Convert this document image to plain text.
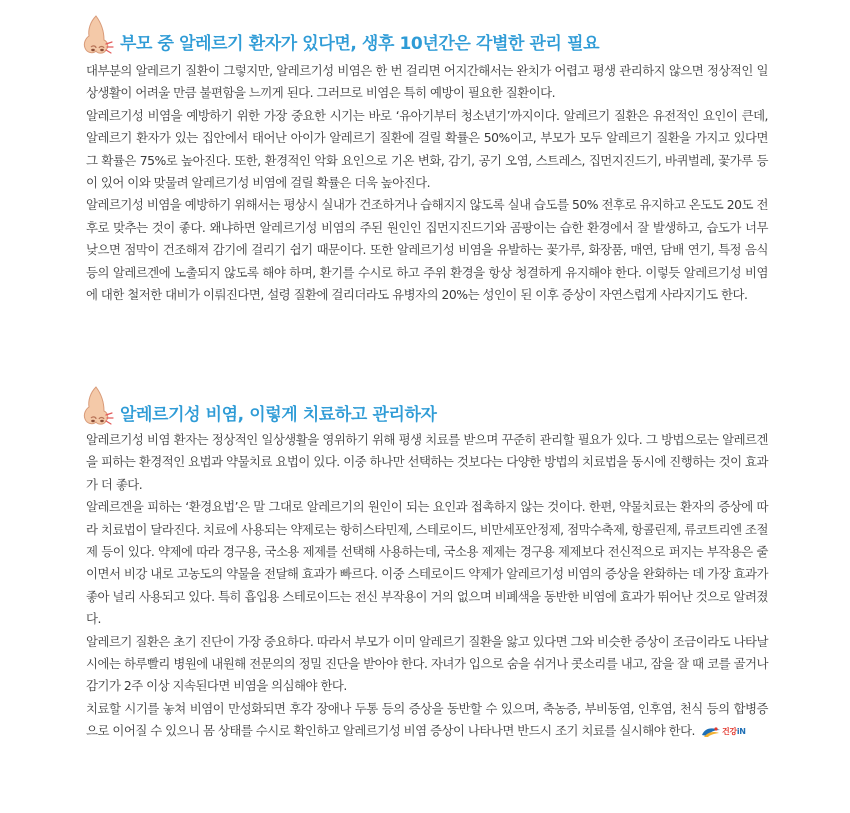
부모 중 알레르기 환자가 있다면, 생후 10년간은 각별한 관리 필요

대부분의 알레르기 질환이 그렇지만, 알레르기성 비염은 한 번 걸리면 어지간해서는 완치가 어렵고 평생 관리하지 않으면 정상적인 일상생활이 어려울 만큼 불편함을 느끼게 된다. 그러므로 비염은 특히 예방이 필요한 질환이다.

알레르기성 비염을 예방하기 위한 가장 중요한 시기는 바로 ‘유아기부터 청소년기’까지이다. 알레르기 질환은 유전적인 요인이 큰데, 알레르기 환자가 있는 집안에서 태어난 아이가 알레르기 질환에 걸릴 확률은 50%이고, 부모가 모두 알레르기 질환을 가지고 있다면 그 확률은 75%로 높아진다. 또한, 환경적인 악화 요인으로 기온 변화, 감기, 공기 오염, 스트레스, 집먼지진드기, 바퀴벌레, 꽃가루 등이 있어 이와 맞물려 알레르기성 비염에 걸릴 확률은 더욱 높아진다.

알레르기성 비염을 예방하기 위해서는 평상시 실내가 건조하거나 습해지지 않도록 실내 습도를 50% 전후로 유지하고 온도도 20도 전후로 맞추는 것이 좋다. 왜냐하면 알레르기성 비염의 주된 원인인 집먼지진드기와 곰팡이는 습한 환경에서 잘 발생하고, 습도가 너무 낮으면 점막이 건조해져 감기에 걸리기 쉽기 때문이다. 또한 알레르기성 비염을 유발하는 꽃가루, 화장품, 매연, 담배 연기, 특정 음식 등의 알레르겐에 노출되지 않도록 해야 하며, 환기를 수시로 하고 주위 환경을 항상 청결하게 유지해야 한다. 이렇듯 알레르기성 비염에 대한 철저한 대비가 이뤄진다면, 설령 질환에 걸리더라도 유병자의 20%는 성인이 된 이후 증상이 자연스럽게 사라지기도 한다.

알레르기성 비염, 이렇게 치료하고 관리하자

알레르기성 비염 환자는 정상적인 일상생활을 영위하기 위해 평생 치료를 받으며 꾸준히 관리할 필요가 있다. 그 방법으로는 알레르겐을 피하는 환경적인 요법과 약물치료 요법이 있다. 이중 하나만 선택하는 것보다는 다양한 방법의 치료법을 동시에 진행하는 것이 효과가 더 좋다.

알레르겐을 피하는 ‘환경요법’은 말 그대로 알레르기의 원인이 되는 요인과 접촉하지 않는 것이다. 한편, 약물치료는 환자의 증상에 따라 치료법이 달라진다. 치료에 사용되는 약제로는 항히스타민제, 스테로이드, 비만세포안정제, 점막수축제, 항콜린제, 류코트리엔 조절제 등이 있다. 약제에 따라 경구용, 국소용 제제를 선택해 사용하는데, 국소용 제제는 경구용 제제보다 전신적으로 퍼지는 부작용은 줄이면서 비강 내로 고농도의 약물을 전달해 효과가 빠르다. 이중 스테로이드 약제가 알레르기성 비염의 증상을 완화하는 데 가장 효과가 좋아 널리 사용되고 있다. 특히 흡입용 스테로이드는 전신 부작용이 거의 없으며 비폐색을 동반한 비염에 효과가 뛰어난 것으로 알려졌다.

알레르기 질환은 초기 진단이 가장 중요하다. 따라서 부모가 이미 알레르기 질환을 앓고 있다면 그와 비슷한 증상이 조금이라도 나타날 시에는 하루빨리 병원에 내원해 전문의의 정밀 진단을 받아야 한다. 자녀가 입으로 숨을 쉬거나 콧소리를 내고, 잠을 잘 때 코를 골거나 감기가 2주 이상 지속된다면 비염을 의심해야 한다.

치료할 시기를 놓쳐 비염이 만성화되면 후각 장애나 두통 등의 증상을 동반할 수 있으며, 축농증, 부비동염, 인후염, 천식 등의 합병증으로 이어질 수 있으니 몸 상태를 수시로 확인하고 알레르기성 비염 증상이 나타나면 반드시 조기 치료를 실시해야 한다.	건강iN
